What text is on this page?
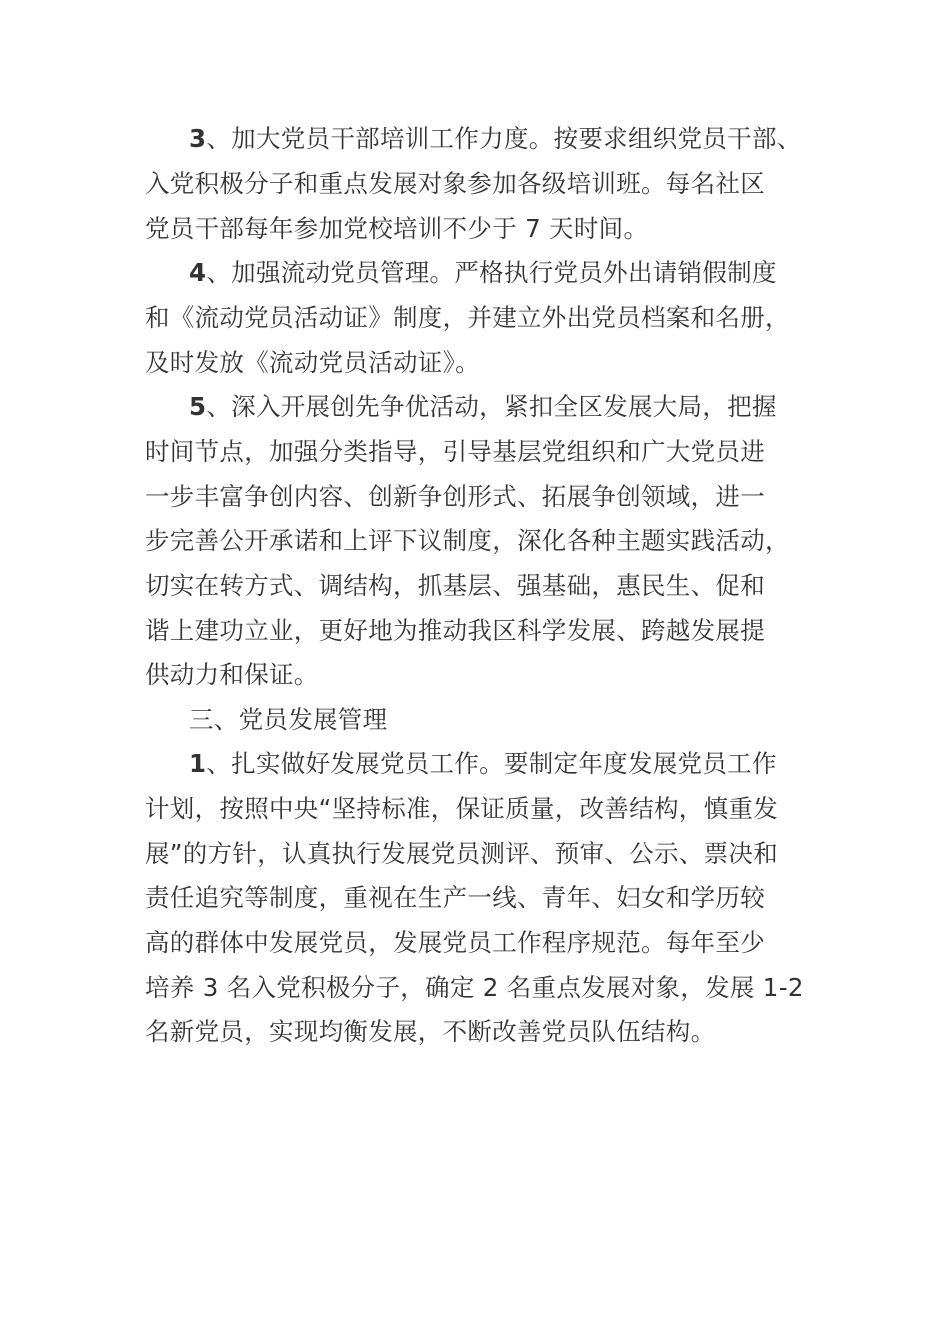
3、加大党员干部培训工作力度。按要求组织党员干部、
入党积极分子和重点发展对象参加各级培训班。每名社区
党员干部每年参加党校培训不少于 7 天时间。
4、加强流动党员管理。严格执行党员外出请销假制度
和《流动党员活动证》制度，并建立外出党员档案和名册，
及时发放《流动党员活动证》。
5、深入开展创先争优活动，紧扣全区发展大局，把握
时间节点，加强分类指导，引导基层党组织和广大党员进
一步丰富争创内容、创新争创形式、拓展争创领域，进一
步完善公开承诺和上评下议制度，深化各种主题实践活动，
切实在转方式、调结构，抓基层、强基础，惠民生、促和
谐上建功立业，更好地为推动我区科学发展、跨越发展提
供动力和保证。
三、党员发展管理
1、扎实做好发展党员工作。要制定年度发展党员工作
计划，按照中央“坚持标准，保证质量，改善结构，慎重发
展”的方针，认真执行发展党员测评、预审、公示、票决和
责任追究等制度，重视在生产一线、青年、妇女和学历较
高的群体中发展党员，发展党员工作程序规范。每年至少
培养 3 名入党积极分子，确定 2 名重点发展对象，发展 1-2
名新党员，实现均衡发展，不断改善党员队伍结构。
